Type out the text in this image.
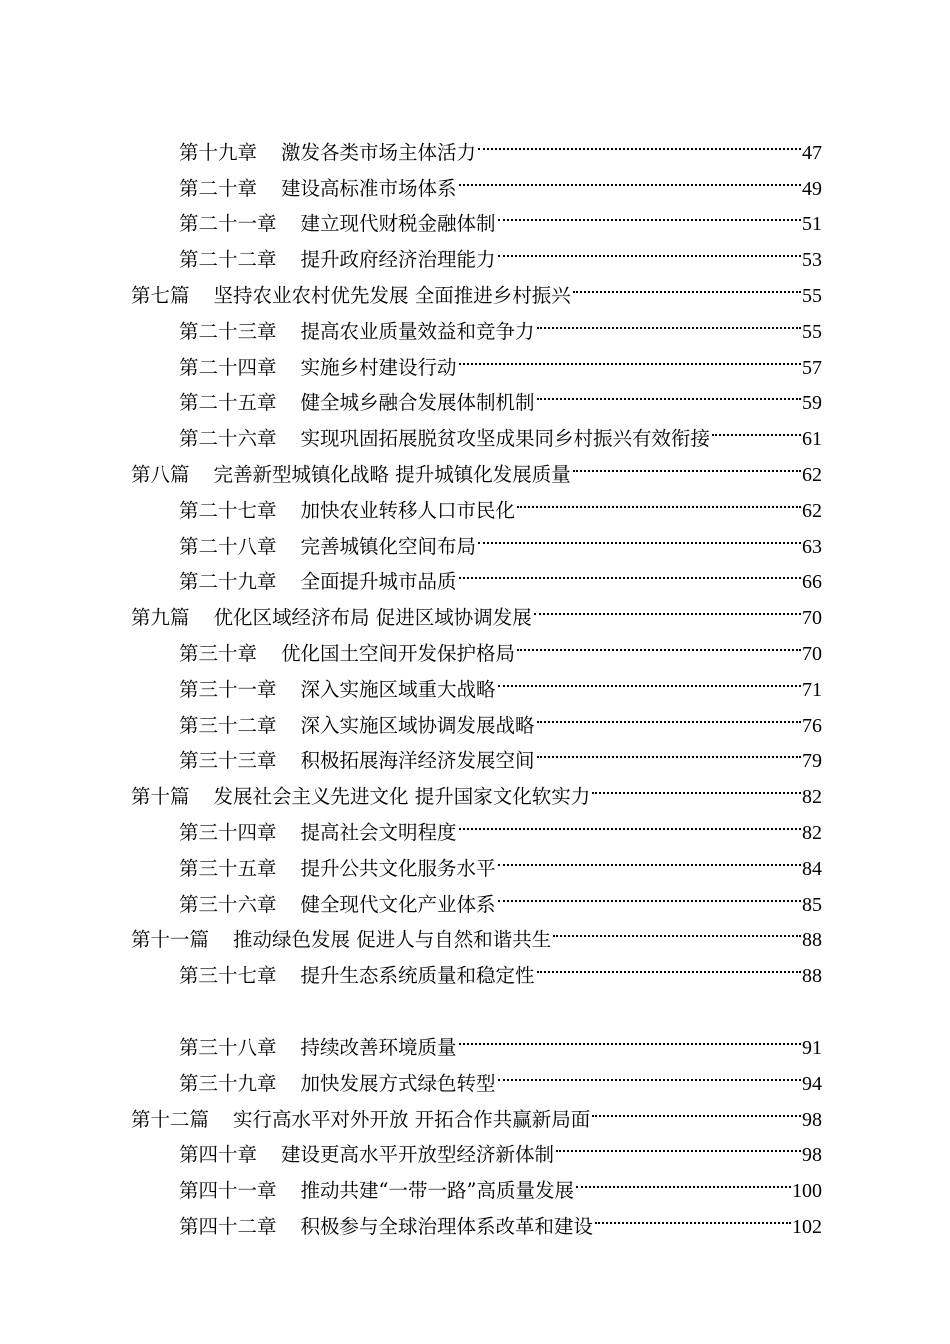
第十九章 激发各类市场主体活力	47
第二十章 建设高标准市场体系	49
第二十一章 建立现代财税金融体制	51
第二十二章 提升政府经济治理能力	53
第七篇 坚持农业农村优先发展 全面推进乡村振兴	55
第二十三章 提高农业质量效益和竞争力	55
第二十四章 实施乡村建设行动	57
第二十五章 健全城乡融合发展体制机制	59
第二十六章 实现巩固拓展脱贫攻坚成果同乡村振兴有效衔接	61
第八篇 完善新型城镇化战略 提升城镇化发展质量	62
第二十七章 加快农业转移人口市民化	62
第二十八章 完善城镇化空间布局	63
第二十九章 全面提升城市品质	66
第九篇 优化区域经济布局 促进区域协调发展	70
第三十章 优化国土空间开发保护格局	70
第三十一章 深入实施区域重大战略	71
第三十二章 深入实施区域协调发展战略	76
第三十三章 积极拓展海洋经济发展空间	79
第十篇 发展社会主义先进文化 提升国家文化软实力	82
第三十四章 提高社会文明程度	82
第三十五章 提升公共文化服务水平	84
第三十六章 健全现代文化产业体系	85
第十一篇 推动绿色发展 促进人与自然和谐共生	88
第三十七章 提升生态系统质量和稳定性	88
第三十八章 持续改善环境质量	91
第三十九章 加快发展方式绿色转型	94
第十二篇 实行高水平对外开放 开拓合作共赢新局面	98
第四十章 建设更高水平开放型经济新体制	98
第四十一章 推动共建“一带一路”高质量发展	100
第四十二章 积极参与全球治理体系改革和建设	102
